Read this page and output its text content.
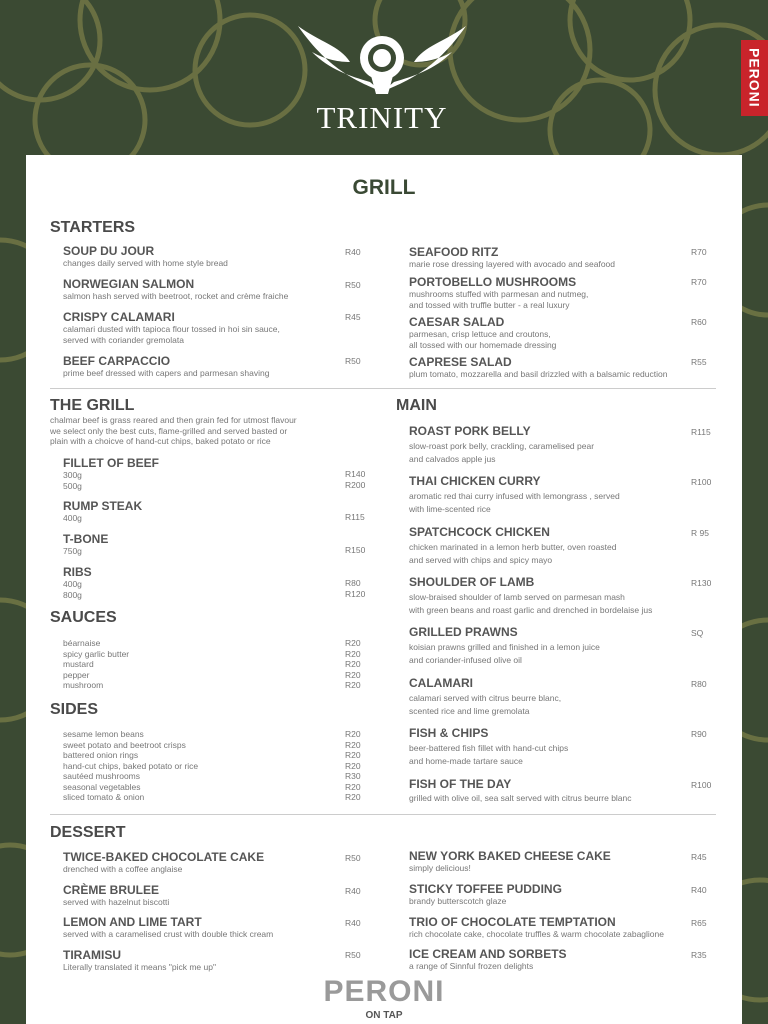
TRINITY
PERONI
GRILL
STARTERS
SOUP DU JOUR
changes daily served with home style bread
R40
NORWEGIAN SALMON
salmon hash served with beetroot, rocket and crème fraiche
R50
CRISPY CALAMARI
calamari dusted with tapioca flour tossed in hoi sin sauce,
served with coriander gremolata
R45
BEEF CARPACCIO
prime beef dressed with capers and parmesan shaving
R50
SEAFOOD RITZ
marie rose dressing layered with avocado and seafood
R70
PORTOBELLO MUSHROOMS
mushrooms stuffed with parmesan and nutmeg,
and tossed with truffle butter - a real luxury
R70
CAESAR SALAD
parmesan, crisp lettuce and croutons,
all tossed with our homemade dressing
R60
CAPRESE SALAD
plum tomato, mozzarella and basil drizzled with a balsamic reduction
R55
THE GRILL
chalmar beef is grass reared and then grain fed for utmost flavour
we select only the best cuts, flame-grilled and served basted or
plain with a choicve of hand-cut chips, baked potato or rice
FILLET OF BEEF
300g
500g
R140
R200
RUMP STEAK
400g	R115
T-BONE
750g	R150
RIBS
400g
800g
R80
R120
SAUCES
béarnaise
spicy garlic butter
mustard
pepper
mushroom
R20
R20
R20
R20
R20
SIDES
sesame lemon beans
sweet potato and beetroot crisps
battered onion rings
hand-cut chips, baked potato or rice
sautéed mushrooms
seasonal vegetables
sliced tomato & onion
R20
R20
R20
R20
R30
R20
R20
MAIN
ROAST PORK BELLY
slow-roast pork belly, crackling, caramelised pear
and calvados apple jus
R115
THAI CHICKEN CURRY
aromatic red thai curry infused with lemongrass , served
with lime-scented rice
R100
SPATCHCOCK CHICKEN
chicken marinated in a lemon herb butter, oven roasted
and served with chips and spicy mayo
R 95
SHOULDER OF LAMB
slow-braised shoulder of lamb served on parmesan mash
with green beans and roast garlic and drenched in bordelaise jus
R130
GRILLED PRAWNS
koisian prawns grilled and finished in a lemon juice
and coriander-infused olive oil
SQ
CALAMARI
calamari served with citrus beurre blanc,
scented rice and lime gremolata
R80
FISH & CHIPS
beer-battered fish fillet with hand-cut chips
and home-made tartare sauce
R90
FISH OF THE DAY
grilled with olive oil, sea salt served with citrus beurre blanc
R100
DESSERT
TWICE-BAKED CHOCOLATE CAKE
drenched with a coffee anglaise
R50
CRÈME BRULEE
served with hazelnut biscotti
R40
LEMON AND LIME TART
served with a caramelised crust with double thick cream
R40
TIRAMISU
Literally translated it means "pick me up"
R50
NEW YORK BAKED CHEESE CAKE
simply delicious!
R45
STICKY TOFFEE PUDDING
brandy butterscotch glaze
R40
TRIO OF CHOCOLATE TEMPTATION
rich chocolate cake, chocolate truffles & warm chocolate zabaglione
R65
ICE CREAM AND SORBETS
a range of Sinnful frozen delights
R35
PERONI
ON TAP
